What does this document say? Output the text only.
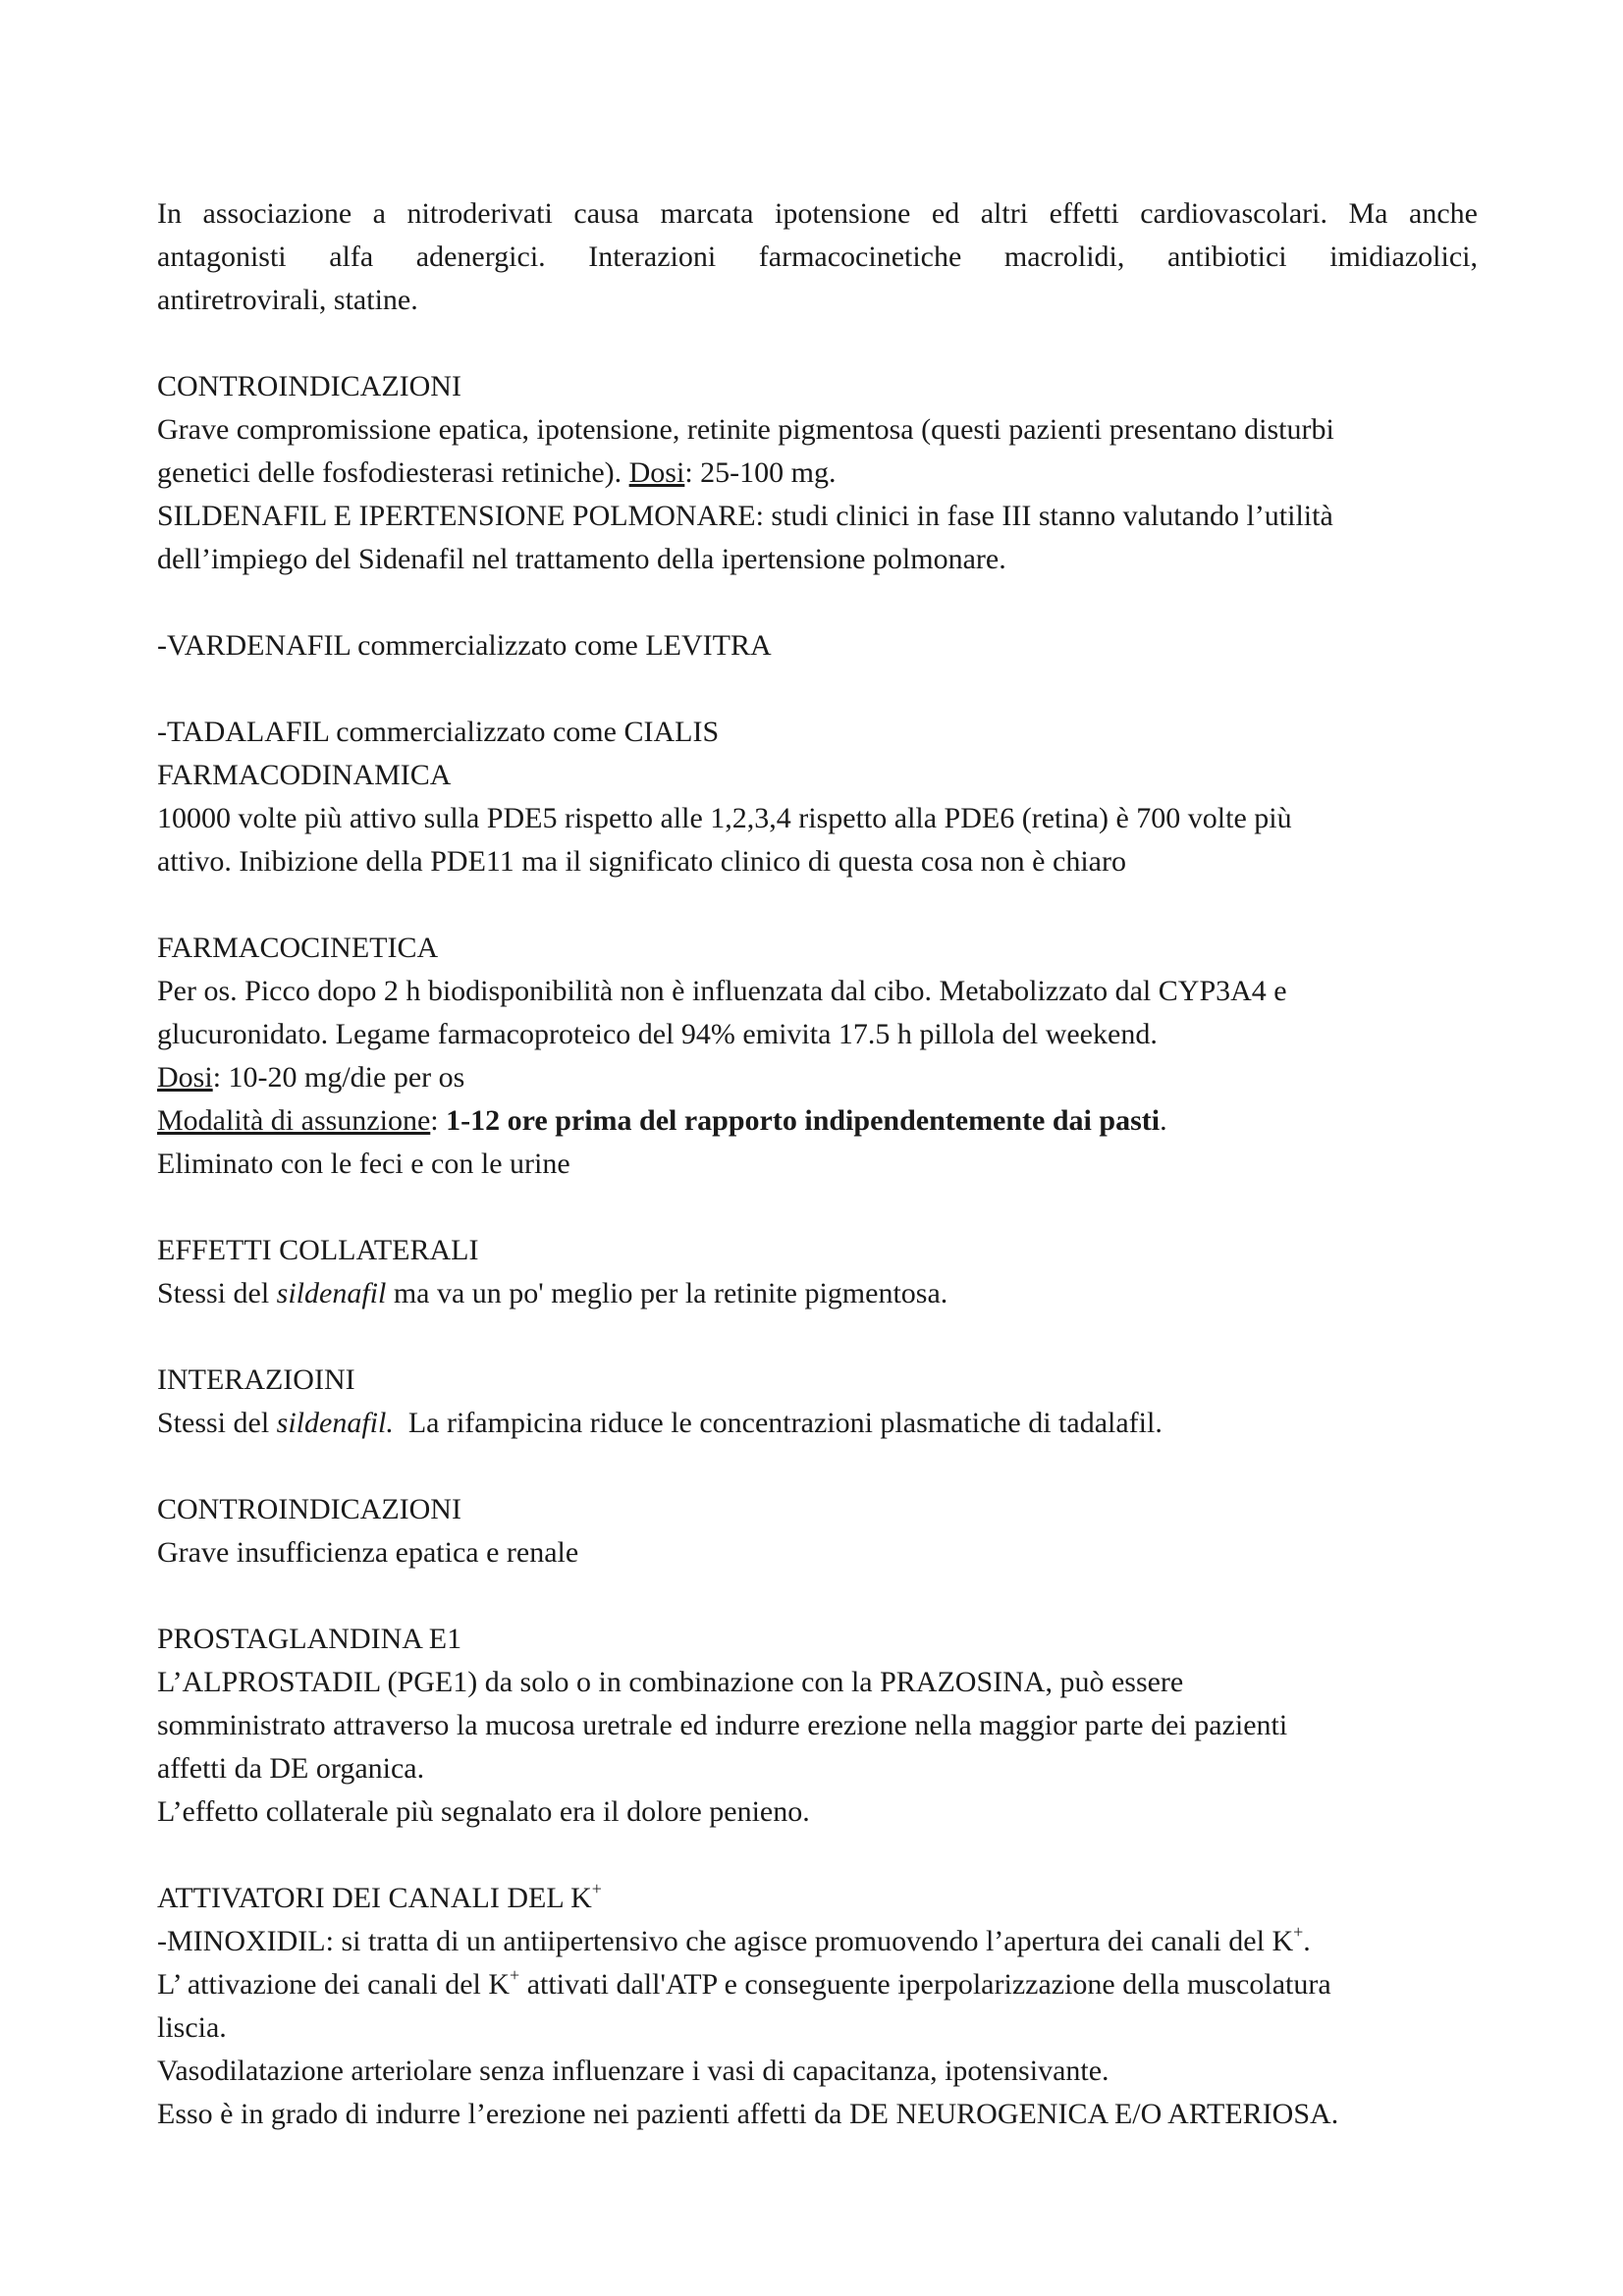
In associazione a nitroderivati causa marcata ipotensione ed altri effetti cardiovascolari. Ma anche
antagonisti alfa adenergici. Interazioni farmacocinetiche macrolidi, antibiotici imidiazolici,
antiretrovirali, statine.
CONTROINDICAZIONI
Grave compromissione epatica, ipotensione, retinite pigmentosa (questi pazienti presentano disturbi
genetici delle fosfodiesterasi retiniche). Dosi: 25-100 mg.
SILDENAFIL E IPERTENSIONE POLMONARE: studi clinici in fase III stanno valutando l’utilità
dell’impiego del Sidenafil nel trattamento della ipertensione polmonare.
-VARDENAFIL commercializzato come LEVITRA
-TADALAFIL commercializzato come CIALIS
FARMACODINAMICA
10000 volte più attivo sulla PDE5 rispetto alle 1,2,3,4 rispetto alla PDE6 (retina) è 700 volte più
attivo. Inibizione della PDE11 ma il significato clinico di questa cosa non è chiaro
FARMACOCINETICA
Per os. Picco dopo 2 h biodisponibilità non è influenzata dal cibo. Metabolizzato dal CYP3A4 e
glucuronidato. Legame farmacoproteico del 94% emivita 17.5 h pillola del weekend.
Dosi: 10-20 mg/die per os
Modalità di assunzione: 1-12 ore prima del rapporto indipendentemente dai pasti.
Eliminato con le feci e con le urine
EFFETTI COLLATERALI
Stessi del sildenafil ma va un po' meglio per la retinite pigmentosa.
INTERAZIOINI
Stessi del sildenafil.  La rifampicina riduce le concentrazioni plasmatiche di tadalafil.
CONTROINDICAZIONI
Grave insufficienza epatica e renale
PROSTAGLANDINA E1
L’ALPROSTADIL (PGE1) da solo o in combinazione con la PRAZOSINA, può essere
somministrato attraverso la mucosa uretrale ed indurre erezione nella maggior parte dei pazienti
affetti da DE organica.
L’effetto collaterale più segnalato era il dolore penieno.
ATTIVATORI DEI CANALI DEL K+
-MINOXIDIL: si tratta di un antiipertensivo che agisce promuovendo l’apertura dei canali del K+.
L’ attivazione dei canali del K+ attivati dall'ATP e conseguente iperpolarizzazione della muscolatura
liscia.
Vasodilatazione arteriolare senza influenzare i vasi di capacitanza, ipotensivante.
Esso è in grado di indurre l’erezione nei pazienti affetti da DE NEUROGENICA E/O ARTERIOSA.
